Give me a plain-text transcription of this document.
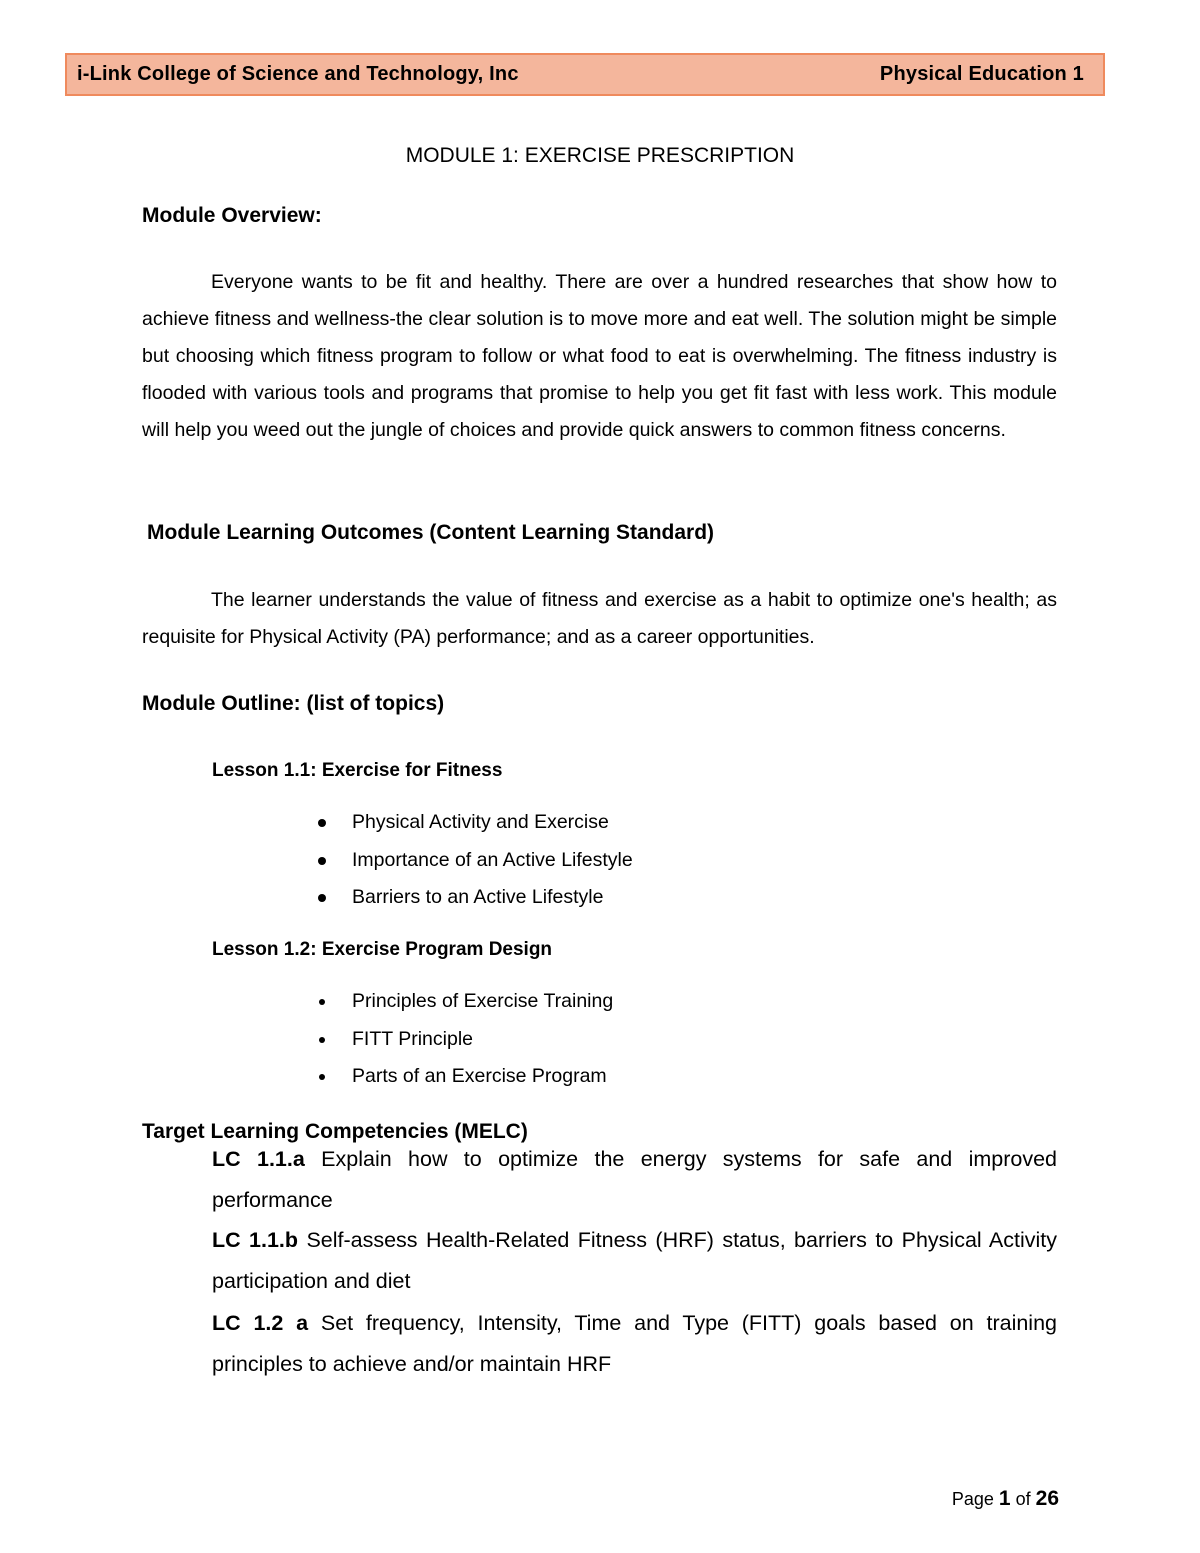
i-Link College of Science and Technology, Inc	Physical Education 1
MODULE 1: EXERCISE PRESCRIPTION
Module Overview:

Everyone wants to be fit and healthy. There are over a hundred researches that show how to achieve fitness and wellness-the clear solution is to move more and eat well. The solution might be simple but choosing which fitness program to follow or what food to eat is overwhelming. The fitness industry is flooded with various tools and programs that promise to help you get fit fast with less work. This module will help you weed out the jungle of choices and provide quick answers to common fitness concerns.

Module Learning Outcomes (Content Learning Standard)

The learner understands the value of fitness and exercise as a habit to optimize one's health; as requisite for Physical Activity (PA) performance; and as a career opportunities.

Module Outline: (list of topics)
Lesson 1.1: Exercise for Fitness
Physical Activity and Exercise
Importance of an Active Lifestyle
Barriers to an Active Lifestyle
Lesson 1.2: Exercise Program Design
Principles of Exercise Training
FITT Principle
Parts of an Exercise Program
Target Learning Competencies (MELC)

LC 1.1.a Explain how to optimize the energy systems for safe and improved performance

LC 1.1.b Self-assess Health-Related Fitness (HRF) status, barriers to Physical Activity participation and diet

LC 1.2 a Set frequency, Intensity, Time and Type (FITT) goals based on training principles to achieve and/or maintain HRF

Page 1 of 26
